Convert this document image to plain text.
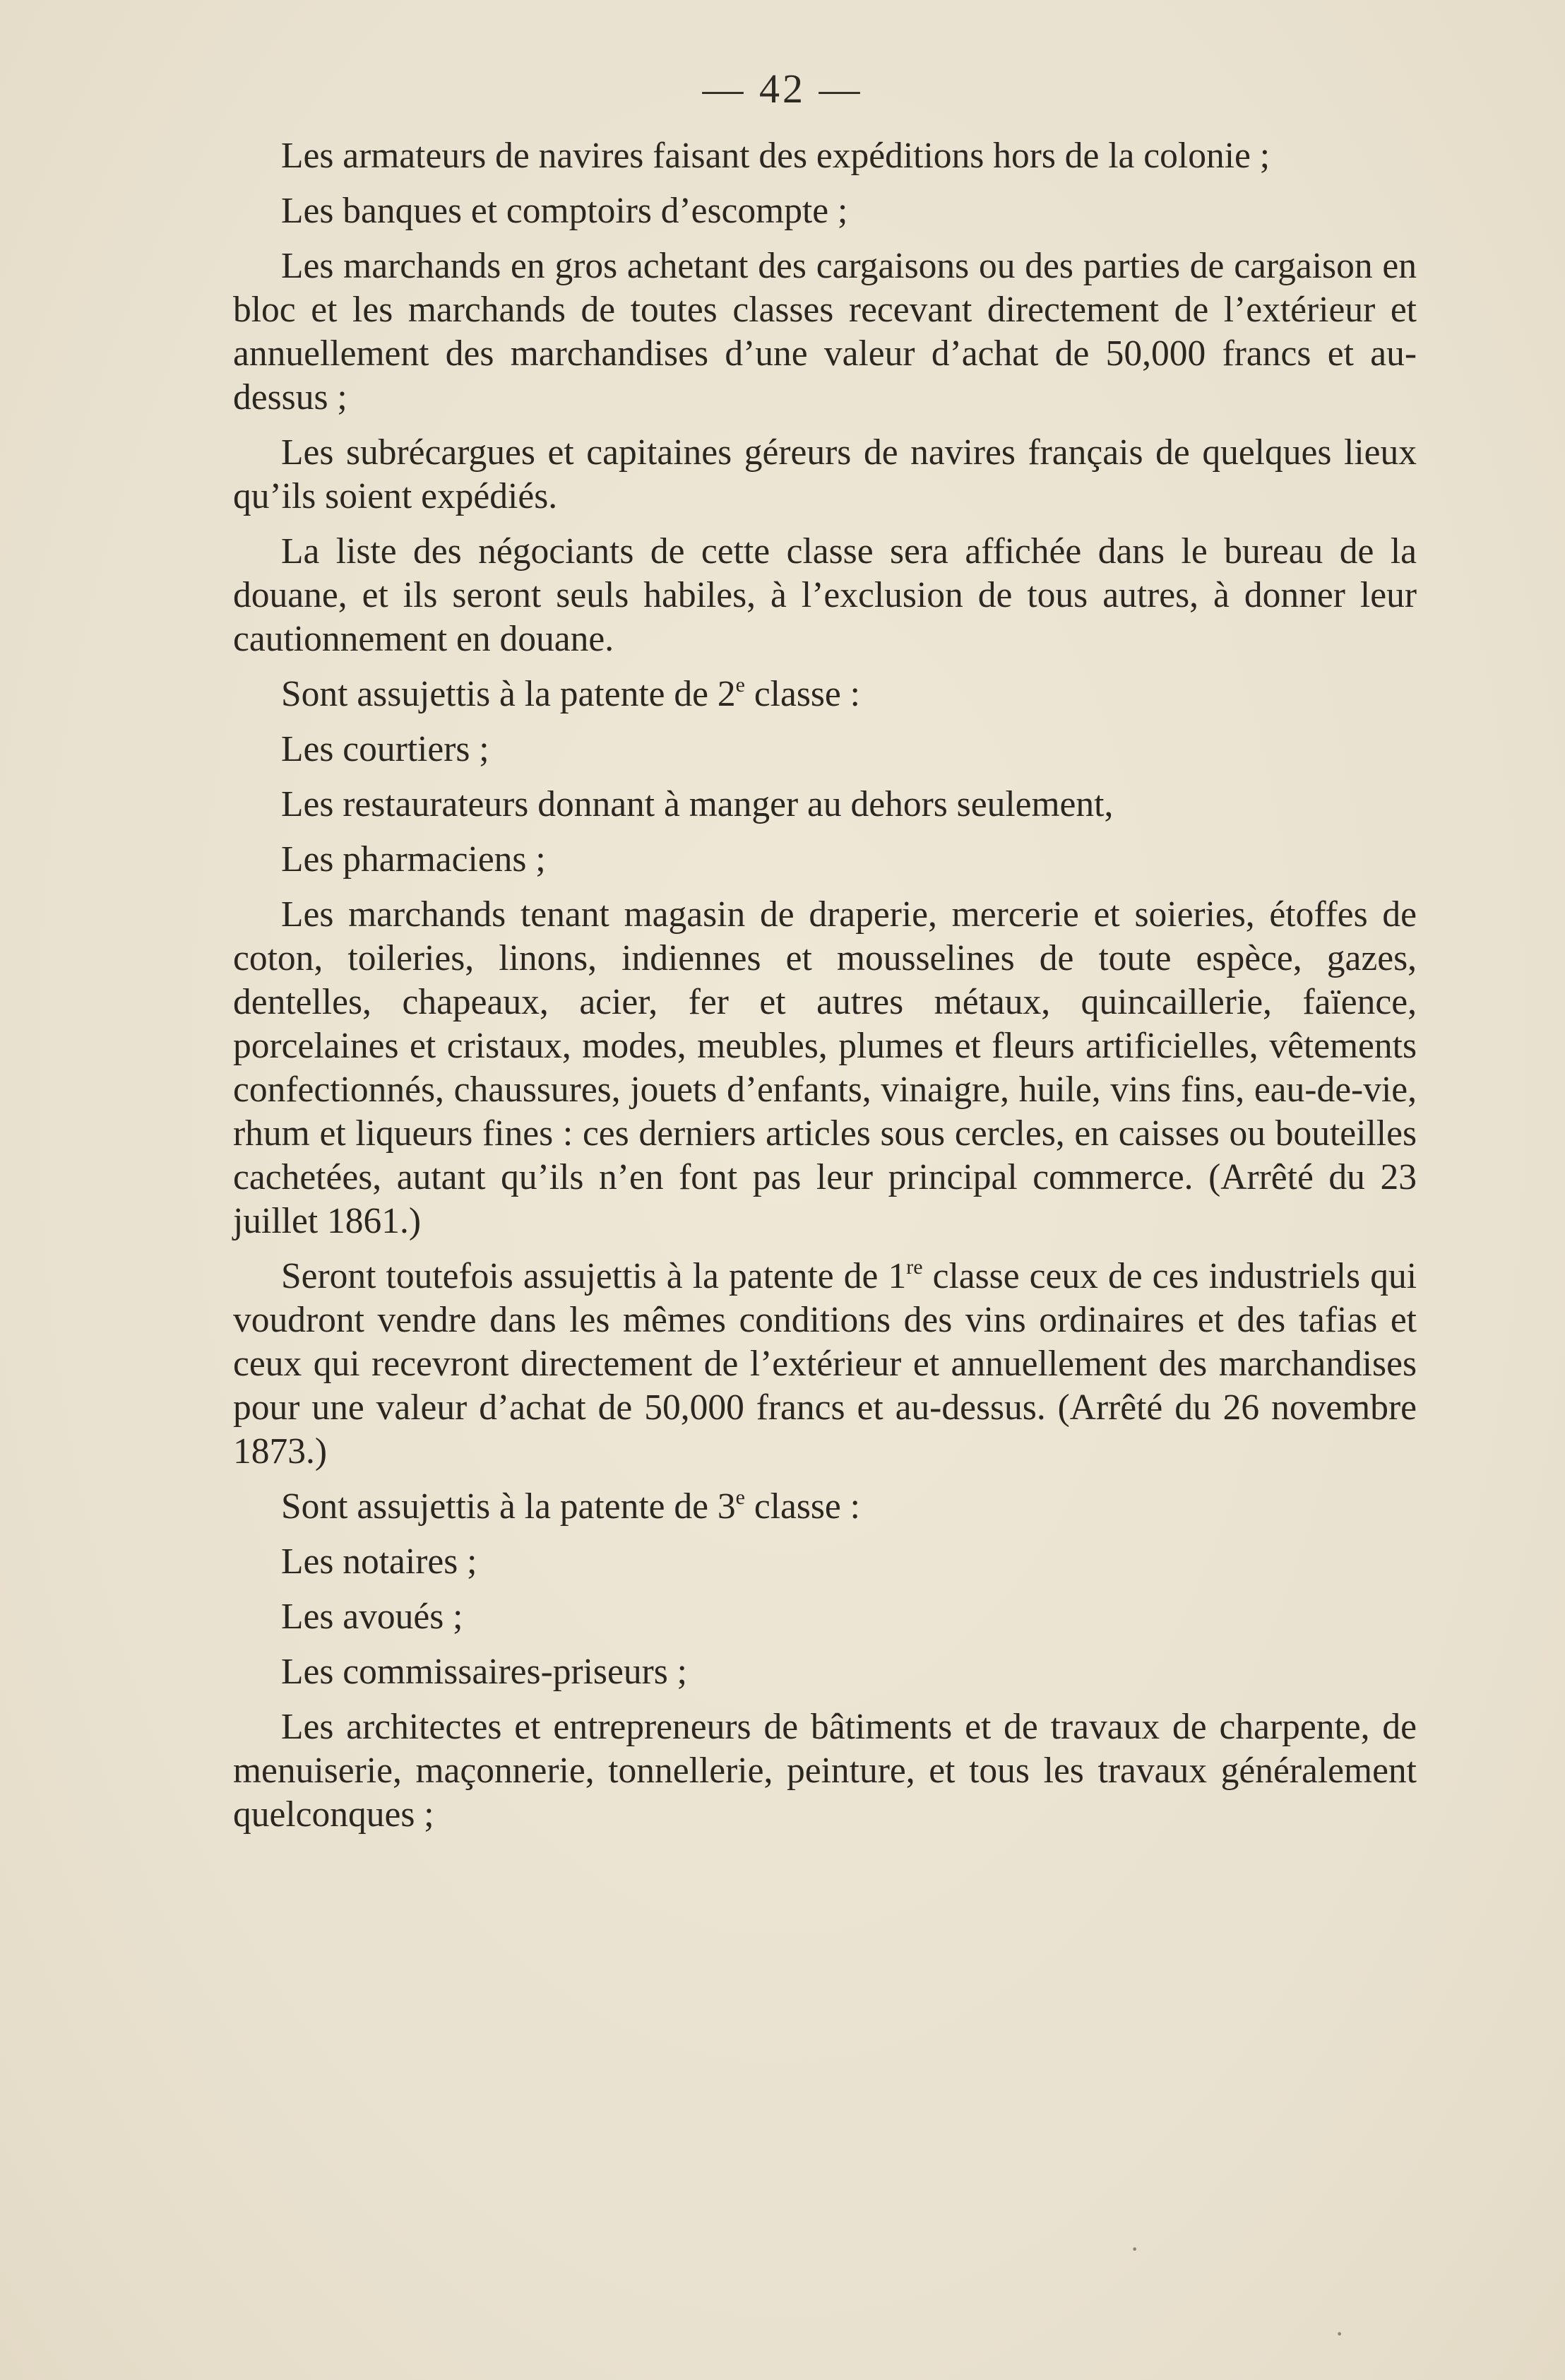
— 42 —

Les armateurs de navires faisant des expéditions hors de la colonie ;

Les banques et comptoirs d’escompte ;

Les marchands en gros achetant des cargaisons ou des parties de cargaison en bloc et les marchands de toutes classes recevant directement de l’extérieur et annuellement des marchandises d’une valeur d’achat de 50,000 francs et au-dessus ;

Les subrécargues et capitaines géreurs de navires français de quelques lieux qu’ils soient expédiés.

La liste des négociants de cette classe sera affichée dans le bureau de la douane, et ils seront seuls habiles, à l’exclusion de tous autres, à donner leur cautionnement en douane.

Sont assujettis à la patente de 2e classe :

Les courtiers ;

Les restaurateurs donnant à manger au dehors seulement,

Les pharmaciens ;

Les marchands tenant magasin de draperie, mercerie et soieries, étoffes de coton, toileries, linons, indiennes et mousselines de toute espèce, gazes, dentelles, chapeaux, acier, fer et autres métaux, quincaillerie, faïence, porcelaines et cristaux, modes, meubles, plumes et fleurs artificielles, vêtements confectionnés, chaussures, jouets d’enfants, vinaigre, huile, vins fins, eau-de-vie, rhum et liqueurs fines : ces derniers articles sous cercles, en caisses ou bouteilles cachetées, autant qu’ils n’en font pas leur principal commerce. (Arrêté du 23 juillet 1861.)

Seront toutefois assujettis à la patente de 1re classe ceux de ces industriels qui voudront vendre dans les mêmes conditions des vins ordinaires et des tafias et ceux qui recevront directement de l’extérieur et annuellement des marchandises pour une valeur d’achat de 50,000 francs et au-dessus. (Arrêté du 26 novembre 1873.)

Sont assujettis à la patente de 3e classe :

Les notaires ;

Les avoués ;

Les commissaires-priseurs ;

Les architectes et entrepreneurs de bâtiments et de travaux de charpente, de menuiserie, maçonnerie, tonnellerie, peinture, et tous les travaux généralement quelconques ;

·
·
